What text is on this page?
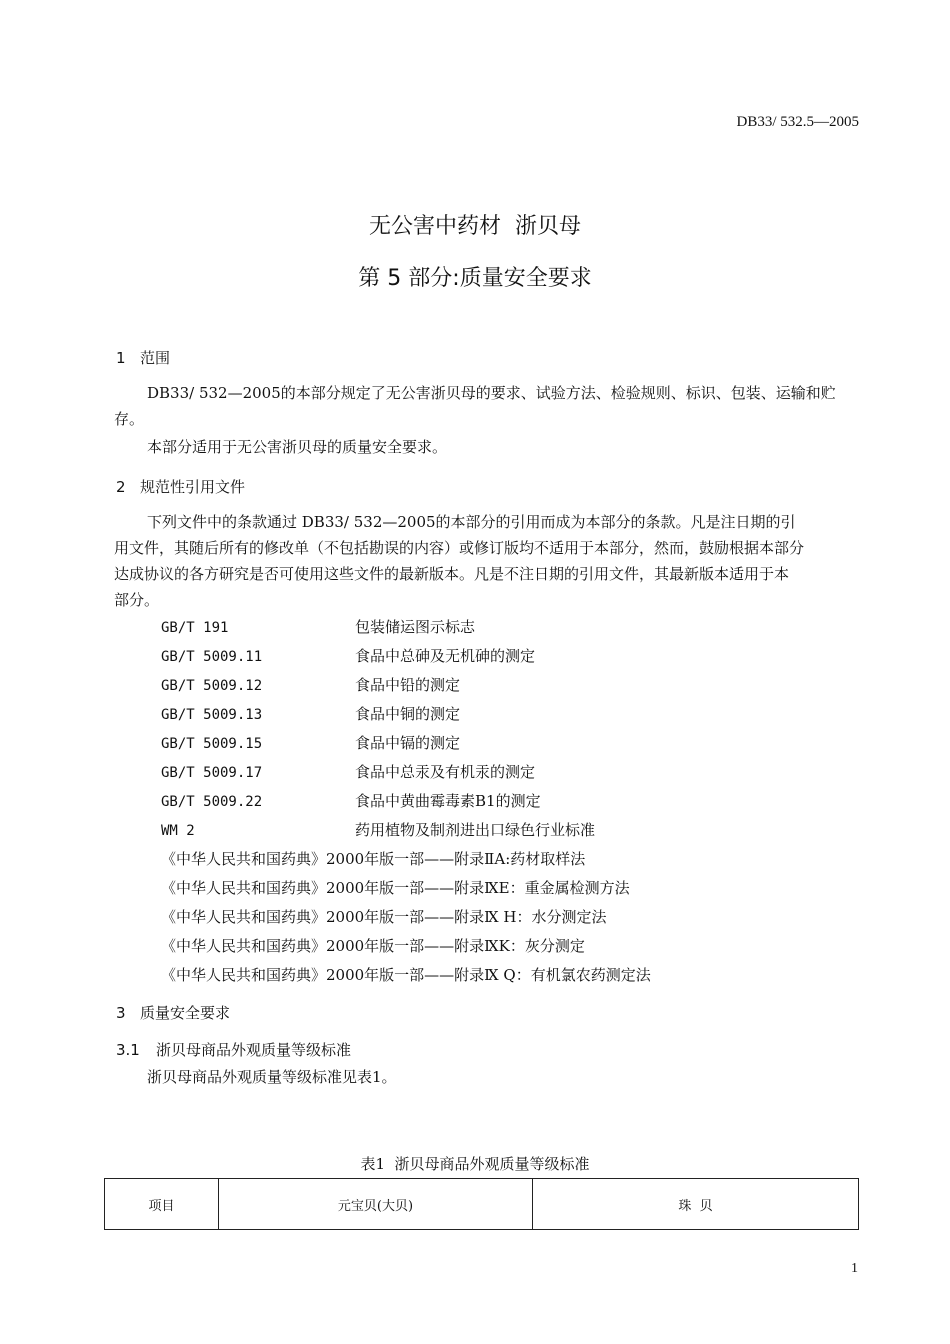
DB33/ 532.5—2005
无公害中药材  浙贝母
第 5 部分:质量安全要求
1 范围
DB33/ 532—2005的本部分规定了无公害浙贝母的要求、试验方法、检验规则、标识、包装、运输和贮
存。
本部分适用于无公害浙贝母的质量安全要求。
2 规范性引用文件
下列文件中的条款通过 DB33/ 532—2005的本部分的引用而成为本部分的条款。凡是注日期的引
用文件，其随后所有的修改单（不包括勘误的内容）或修订版均不适用于本部分，然而，鼓励根据本部分
达成协议的各方研究是否可使用这些文件的最新版本。凡是不注日期的引用文件，其最新版本适用于本
部分。
GB/T 191	包装储运图示标志
GB/T 5009.11	食品中总砷及无机砷的测定
GB/T 5009.12	食品中铅的测定
GB/T 5009.13	食品中铜的测定
GB/T 5009.15	食品中镉的测定
GB/T 5009.17	食品中总汞及有机汞的测定
GB/T 5009.22	食品中黄曲霉毒素B1的测定
WM 2	药用植物及制剂进出口绿色行业标准
《中华人民共和国药典》2000年版一部——附录ⅡA:药材取样法
《中华人民共和国药典》2000年版一部——附录ⅨE：重金属检测方法
《中华人民共和国药典》2000年版一部——附录Ⅸ H：水分测定法
《中华人民共和国药典》2000年版一部——附录ⅨK：灰分测定
《中华人民共和国药典》2000年版一部——附录Ⅸ Q：有机氯农药测定法
3 质量安全要求
3.1 浙贝母商品外观质量等级标准
浙贝母商品外观质量等级标准见表1。
表1  浙贝母商品外观质量等级标准
项目	元宝贝(大贝)	珠  贝
1
